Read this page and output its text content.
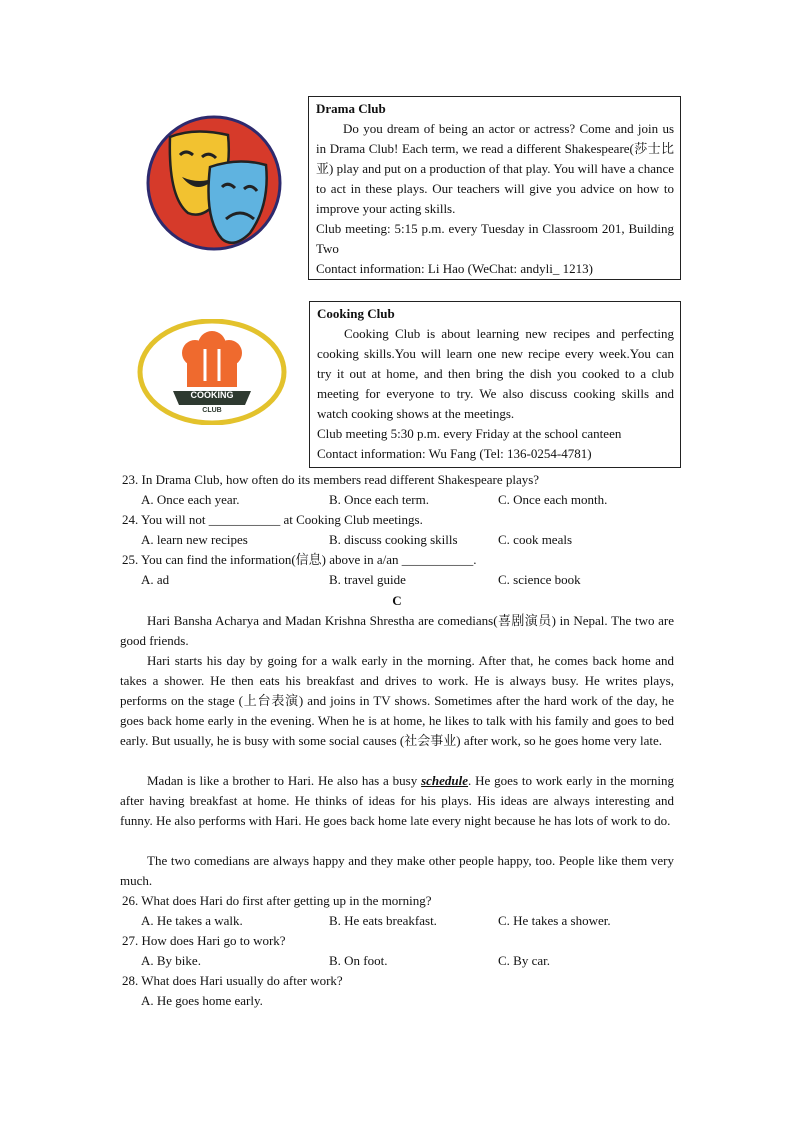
Drama Club

Do you dream of being an actor or actress? Come and join us in Drama Club! Each term, we read a different Shakespeare(莎士比亚) play and put on a production of that play. You will have a chance to act in these plays. Our teachers will give you advice on how to improve your acting skills.

Club meeting: 5:15 p.m. every Tuesday in Classroom 201, Building Two

Contact information: Li Hao (WeChat: andyli_ 1213)

COOKING
CLUB
Cooking Club

Cooking Club is about learning new recipes and perfecting cooking skills.You will learn one new recipe every week.You can try it out at home, and then bring the dish you cooked to a club meeting for everyone to try. We also discuss cooking skills and watch cooking shows at the meetings.

Club meeting 5:30 p.m. every Friday at the school canteen

Contact information: Wu Fang (Tel: 136-0254-4781)

23. In Drama Club, how often do its members read different Shakespeare plays?
A. Once each year.	B. Once each term.	C. Once each month.
24. You will not ___________ at Cooking Club meetings.
A. learn new recipes	B. discuss cooking skills	C. cook meals
25. You can find the information(信息) above in a/an ___________.
A. ad	B. travel guide	C. science book
C

Hari Bansha Acharya and Madan Krishna Shrestha are comedians(喜剧演员) in Nepal. The two are good friends.

Hari starts his day by going for a walk early in the morning. After that, he comes back home and takes a shower. He then eats his breakfast and drives to work. He is always busy. He writes plays, performs on the stage (上台表演) and joins in TV shows. Sometimes after the hard work of the day, he goes back home early in the evening. When he is at home, he likes to talk with his family and goes to bed early. But usually, he is busy with some social causes (社会事业) after work, so he goes home very late.

Madan is like a brother to Hari. He also has a busy schedule. He goes to work early in the morning after having breakfast at home. He thinks of ideas for his plays. His ideas are always interesting and funny. He also performs with Hari. He goes back home late every night because he has lots of work to do.

The two comedians are always happy and they make other people happy, too. People like them very much.

26. What does Hari do first after getting up in the morning?
A. He takes a walk.	B. He eats breakfast.	C. He takes a shower.
27. How does Hari go to work?
A. By bike.	B. On foot.	C. By car.
28. What does Hari usually do after work?
A. He goes home early.
